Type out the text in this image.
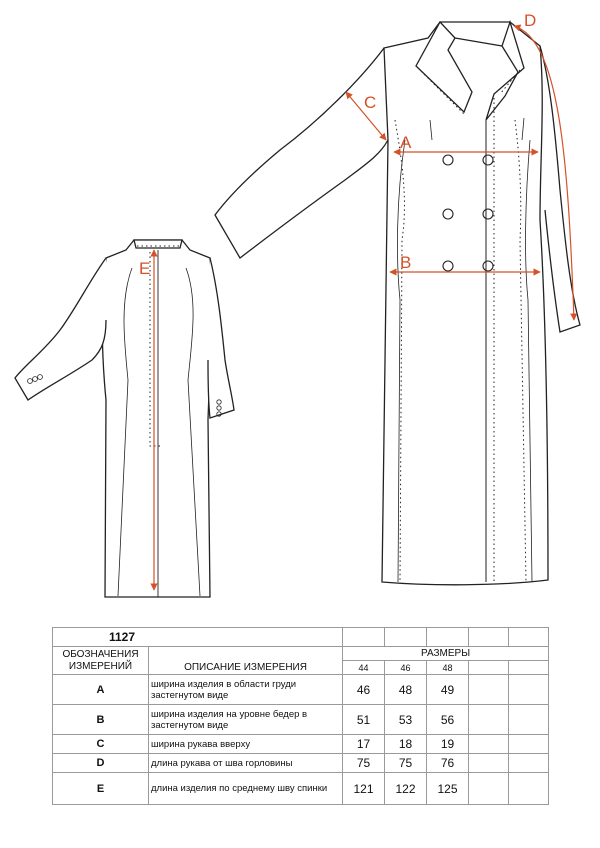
A
B
C
D
E
1127						
ОБОЗНАЧЕНИЯ ИЗМЕРЕНИЙ	ОПИСАНИЕ ИЗМЕРЕНИЯ	РАЗМЕРЫ				
		44	46	48		
A	ширина изделия в области груди застегнутом виде	46	48	49		
B	ширина изделия на уровне бедер в застегнутом виде	51	53	56		
C	ширина рукава вверху	17	18	19		
D	длина рукава от шва горловины	75	75	76		
E	длина изделия по среднему шву спинки	121	122	125		
